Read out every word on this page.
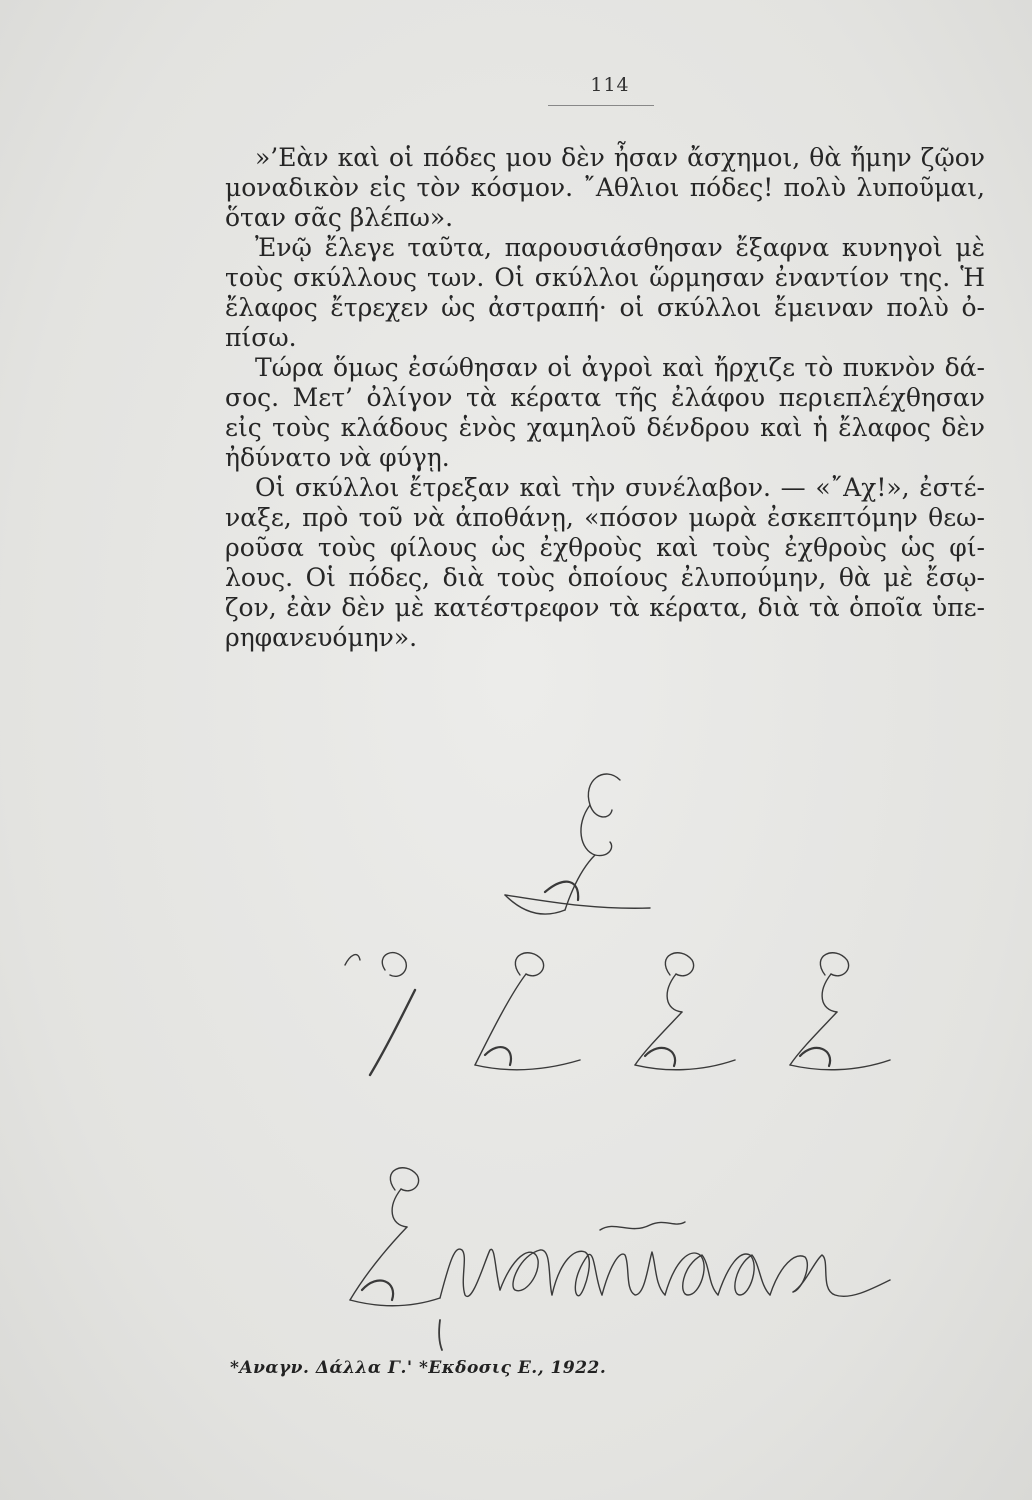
114
»’Εὰν καὶ οἱ πόδες μου δὲν ἦσαν ἄσχημοι, θὰ ἤμην ζῷον
μοναδικὸν εἰς τὸν κόσμον. ῎Αθλιοι πόδες! πολὺ λυποῦμαι,
ὅταν σᾶς βλέπω».
Ἐνῷ ἔλεγε ταῦτα, παρουσιάσθησαν ἔξαφνα κυνηγοὶ μὲ
τοὺς σκύλλους των. Οἱ σκύλλοι ὥρμησαν ἐναντίον της. Ἡ
ἔλαφος ἔτρεχεν ὡς ἀστραπή· οἱ σκύλλοι ἔμειναν πολὺ ὀ-
πίσω.
Τώρα ὅμως ἐσώθησαν οἱ ἀγροὶ καὶ ἤρχιζε τὸ πυκνὸν δά-
σος. Μετ’ ὀλίγον τὰ κέρατα τῆς ἐλάφου περιεπλέχθησαν
εἰς τοὺς κλάδους ἑνὸς χαμηλοῦ δένδρου καὶ ἡ ἔλαφος δὲν
ἠδύνατο νὰ φύγῃ.
Οἱ σκύλλοι ἔτρεξαν καὶ τὴν συνέλαβον. — «῎Αχ!», ἐστέ-
ναξε, πρὸ τοῦ νὰ ἀποθάνῃ, «πόσον μωρὰ ἐσκεπτόμην θεω-
ροῦσα τοὺς φίλους ὡς ἐχθροὺς καὶ τοὺς ἐχθροὺς ὡς φί-
λους. Οἱ πόδες, διὰ τοὺς ὁποίους ἐλυπούμην, θὰ μὲ ἔσῳ-
ζον, ἐὰν δὲν μὲ κατέστρεφον τὰ κέρατα, διὰ τὰ ὁποῖα ὑπε-
ρηφανευόμην».
*Αναγν. Δάλλα Γ.' *Εκδοσις Ε., 1922.
